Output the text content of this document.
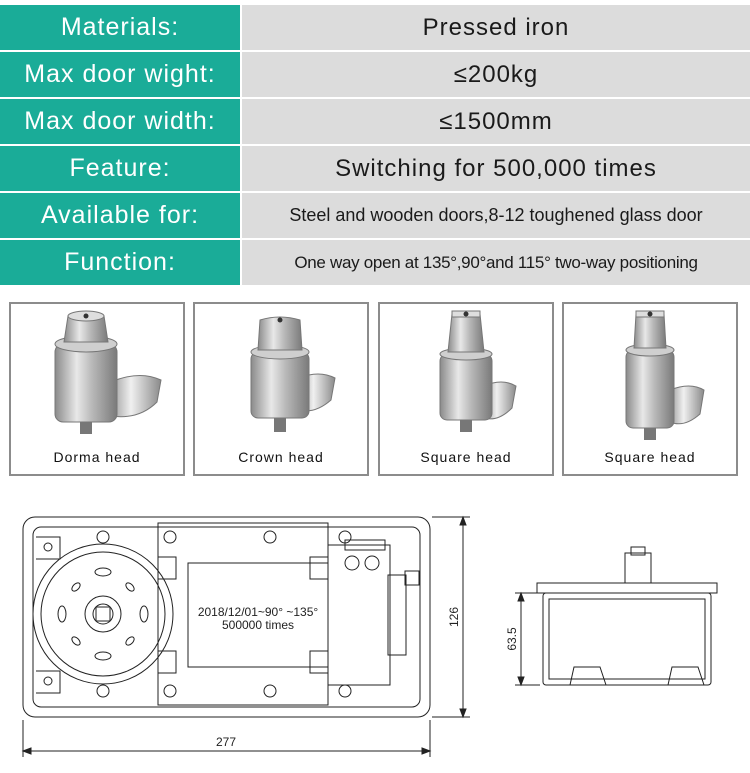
Materials:	Pressed iron
Max door wight:	≤200kg
Max door width:	≤1500mm
Feature:	Switching for 500,000 times
Available for:	Steel and wooden doors,8-12 toughened glass door
Function:	One way open at 135°,90°and 115° two-way positioning
Dorma head	Crown head	Square head	Square head
2018/12/01~90° ~135°
500000 times
277
126
63.5
